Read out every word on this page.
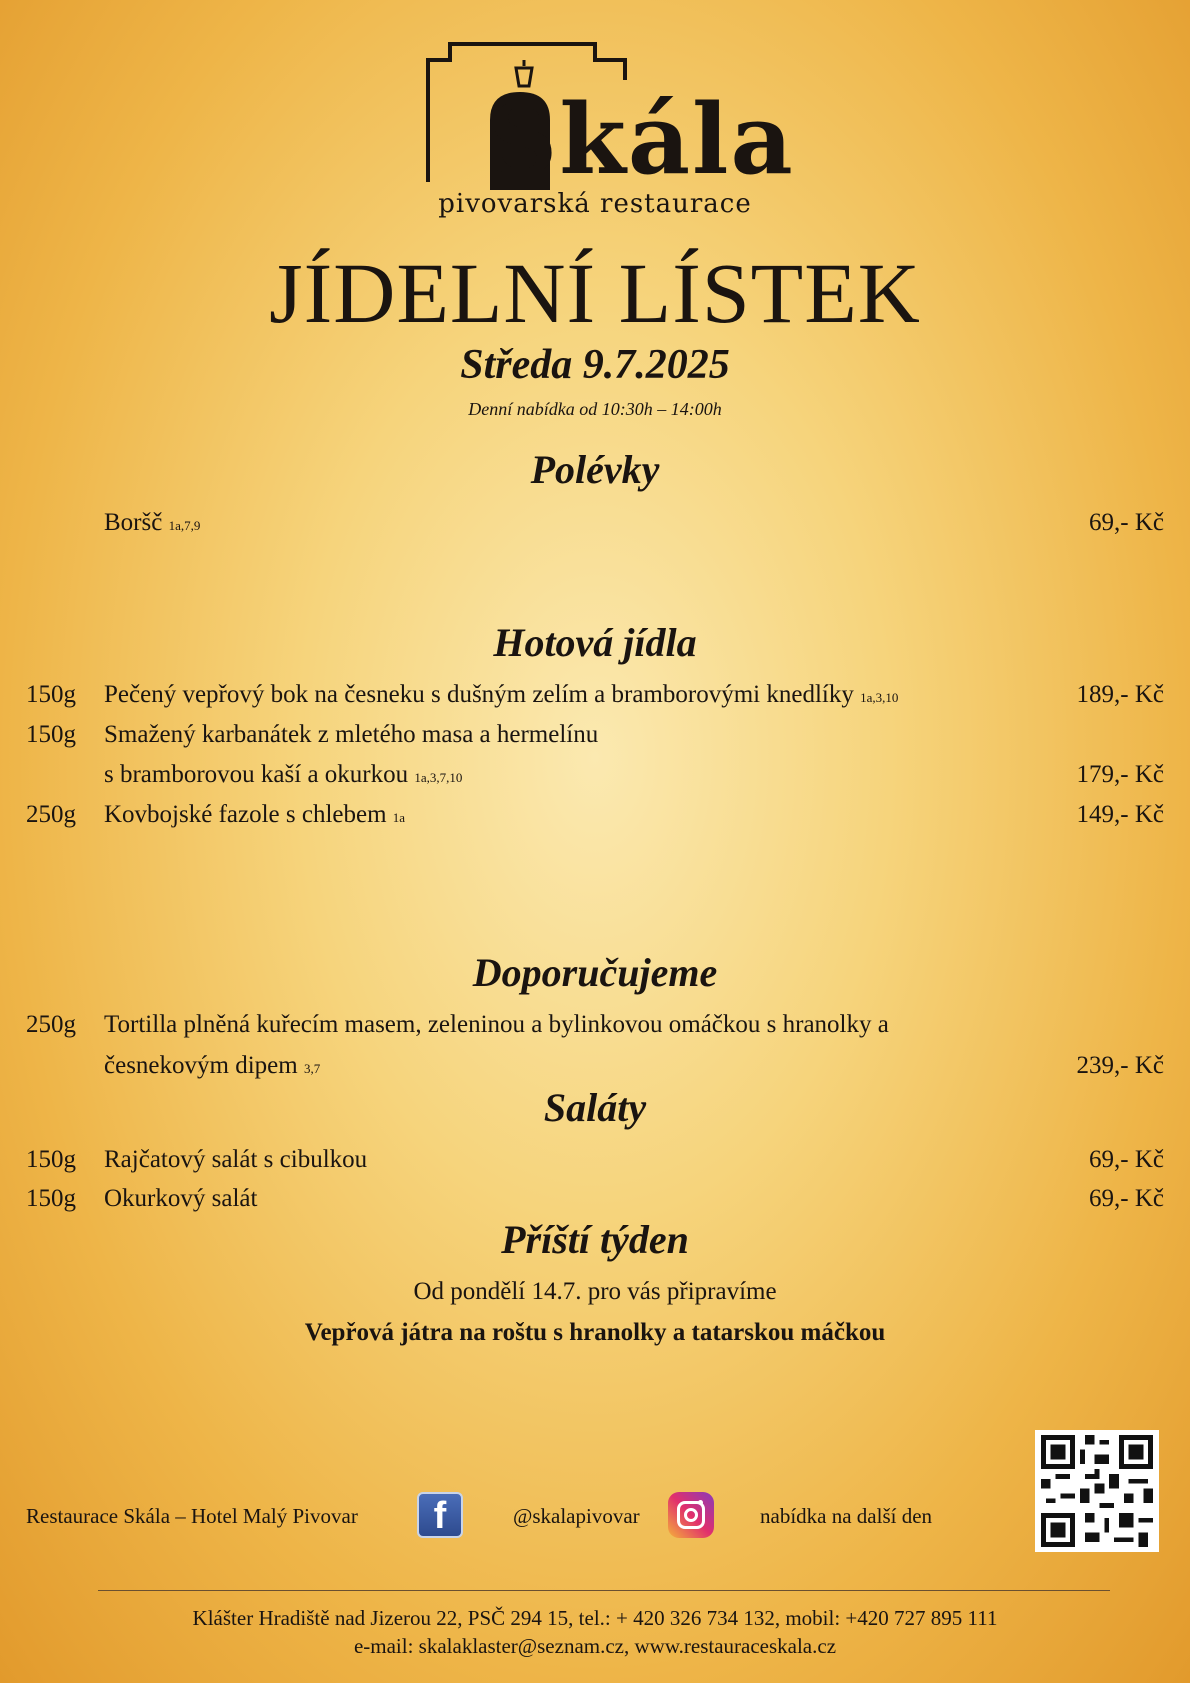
Skála
pivovarská restaurace
JÍDELNÍ LÍSTEK
Středa 9.7.2025
Denní nabídka od 10:30h – 14:00h
Polévky
Boršč 1a,7,9	69,- Kč
Hotová jídla
150g Pečený vepřový bok na česneku s dušným zelím a bramborovými knedlíky 1a,3,10	189,- Kč
150g Smažený karbanátek z mletého masa a hermelínu
s bramborovou kaší a okurkou 1a,3,7,10	179,- Kč
250g Kovbojské fazole s chlebem 1a	149,- Kč
Doporučujeme
250g Tortilla plněná kuřecím masem, zeleninou a bylinkovou omáčkou s hranolky a
česnekovým dipem 3,7	239,- Kč
Saláty
150g Rajčatový salát s cibulkou	69,- Kč
150g Okurkový salát	69,- Kč
Příští týden
Od pondělí 14.7. pro vás připravíme
Vepřová játra na roštu s hranolky a tatarskou máčkou
Restaurace Skála – Hotel Malý Pivovar	f	@skalapivovar	nabídka na další den
Klášter Hradiště nad Jizerou 22, PSČ 294 15, tel.: + 420 326 734 132, mobil: +420 727 895 111
e-mail: skalaklaster@seznam.cz, www.restauraceskala.cz
